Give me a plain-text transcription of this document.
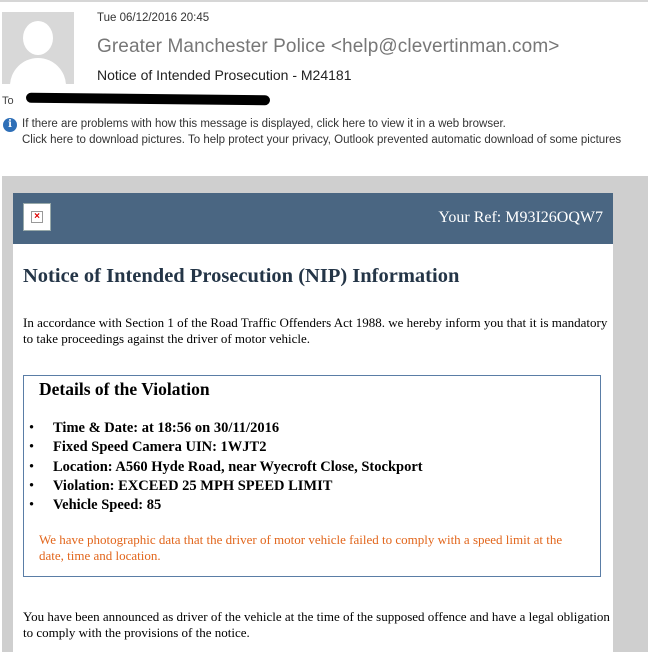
Tue 06/12/2016 20:45
Greater Manchester Police <help@clevertinman.com>
Notice of Intended Prosecution - M24181
To
i If there are problems with how this message is displayed, click here to view it in a web browser.
Click here to download pictures. To help protect your privacy, Outlook prevented automatic download of some pictures
×	Your Ref: M93I26OQW7
Notice of Intended Prosecution (NIP) Information
In accordance with Section 1 of the Road Traffic Offenders Act 1988. we hereby inform you that it is mandatory to take proceedings against the driver of motor vehicle.
Details of the Violation
• Time & Date: at 18:56 on 30/11/2016
• Fixed Speed Camera UIN: 1WJT2
• Location: A560 Hyde Road, near Wyecroft Close, Stockport
• Violation: EXCEED 25 MPH SPEED LIMIT
• Vehicle Speed: 85
We have photographic data that the driver of motor vehicle failed to comply with a speed limit at the date, time and location.
You have been announced as driver of the vehicle at the time of the supposed offence and have a legal obligation to comply with the provisions of the notice.
